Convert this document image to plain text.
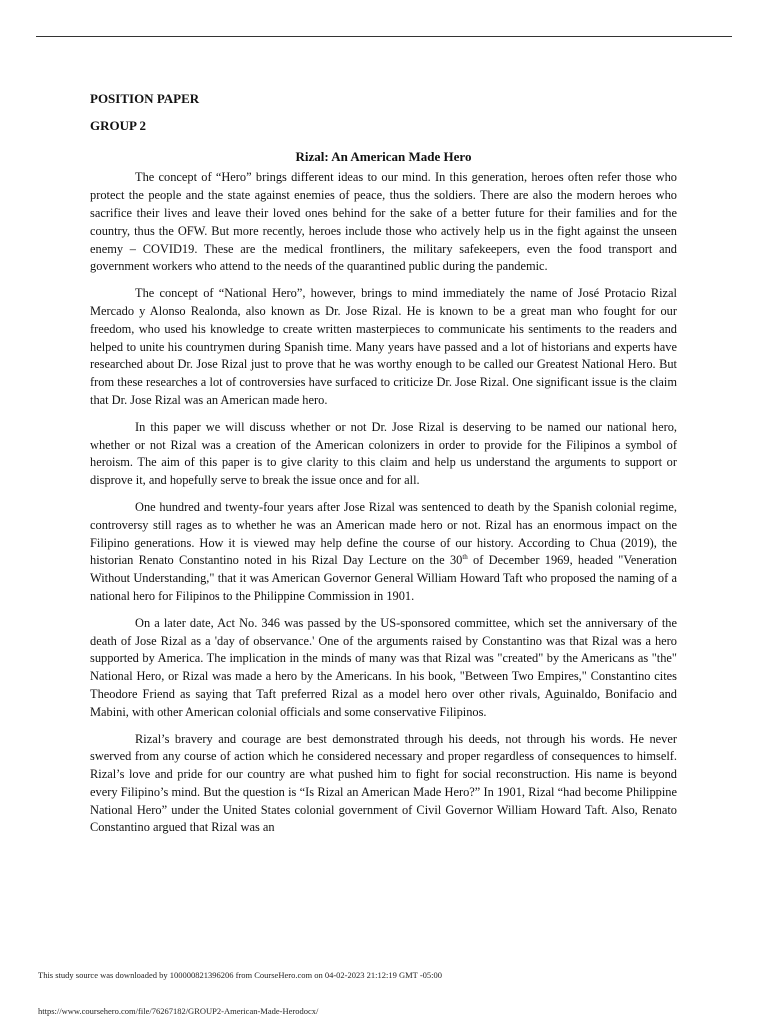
POSITION PAPER
GROUP 2
Rizal: An American Made Hero

The concept of “Hero” brings different ideas to our mind. In this generation, heroes often refer those who protect the people and the state against enemies of peace, thus the soldiers. There are also the modern heroes who sacrifice their lives and leave their loved ones behind for the sake of a better future for their families and for the country, thus the OFW. But more recently, heroes include those who actively help us in the fight against the unseen enemy – COVID19. These are the medical frontliners, the military safekeepers, even the food transport and government workers who attend to the needs of the quarantined public during the pandemic.

The concept of “National Hero”, however, brings to mind immediately the name of José Protacio Rizal Mercado y Alonso Realonda, also known as Dr. Jose Rizal. He is known to be a great man who fought for our freedom, who used his knowledge to create written masterpieces to communicate his sentiments to the readers and helped to unite his countrymen during Spanish time. Many years have passed and a lot of historians and experts have researched about Dr. Jose Rizal just to prove that he was worthy enough to be called our Greatest National Hero. But from these researches a lot of controversies have surfaced to criticize Dr. Jose Rizal. One significant issue is the claim that Dr. Jose Rizal was an American made hero.

In this paper we will discuss whether or not Dr. Jose Rizal is deserving to be named our national hero, whether or not Rizal was a creation of the American colonizers in order to provide for the Filipinos a symbol of heroism. The aim of this paper is to give clarity to this claim and help us understand the arguments to support or disprove it, and hopefully serve to break the issue once and for all.

One hundred and twenty-four years after Jose Rizal was sentenced to death by the Spanish colonial regime, controversy still rages as to whether he was an American made hero or not. Rizal has an enormous impact on the Filipino generations. How it is viewed may help define the course of our history. According to Chua (2019), the historian Renato Constantino noted in his Rizal Day Lecture on the 30th of December 1969, headed "Veneration Without Understanding," that it was American Governor General William Howard Taft who proposed the naming of a national hero for Filipinos to the Philippine Commission in 1901.

On a later date, Act No. 346 was passed by the US-sponsored committee, which set the anniversary of the death of Jose Rizal as a 'day of observance.' One of the arguments raised by Constantino was that Rizal was a hero supported by America. The implication in the minds of many was that Rizal was "created" by the Americans as "the" National Hero, or Rizal was made a hero by the Americans. In his book, "Between Two Empires," Constantino cites Theodore Friend as saying that Taft preferred Rizal as a model hero over other rivals, Aguinaldo, Bonifacio and Mabini, with other American colonial officials and some conservative Filipinos.

Rizal’s bravery and courage are best demonstrated through his deeds, not through his words. He never swerved from any course of action which he considered necessary and proper regardless of consequences to himself. Rizal’s love and pride for our country are what pushed him to fight for social reconstruction. His name is beyond every Filipino’s mind. But the question is “Is Rizal an American Made Hero?” In 1901, Rizal “had become Philippine National Hero” under the United States colonial government of Civil Governor William Howard Taft. Also, Renato Constantino argued that Rizal was an

This study source was downloaded by 100000821396206 from CourseHero.com on 04-02-2023 21:12:19 GMT -05:00
https://www.coursehero.com/file/76267182/GROUP2-American-Made-Herodocx/
